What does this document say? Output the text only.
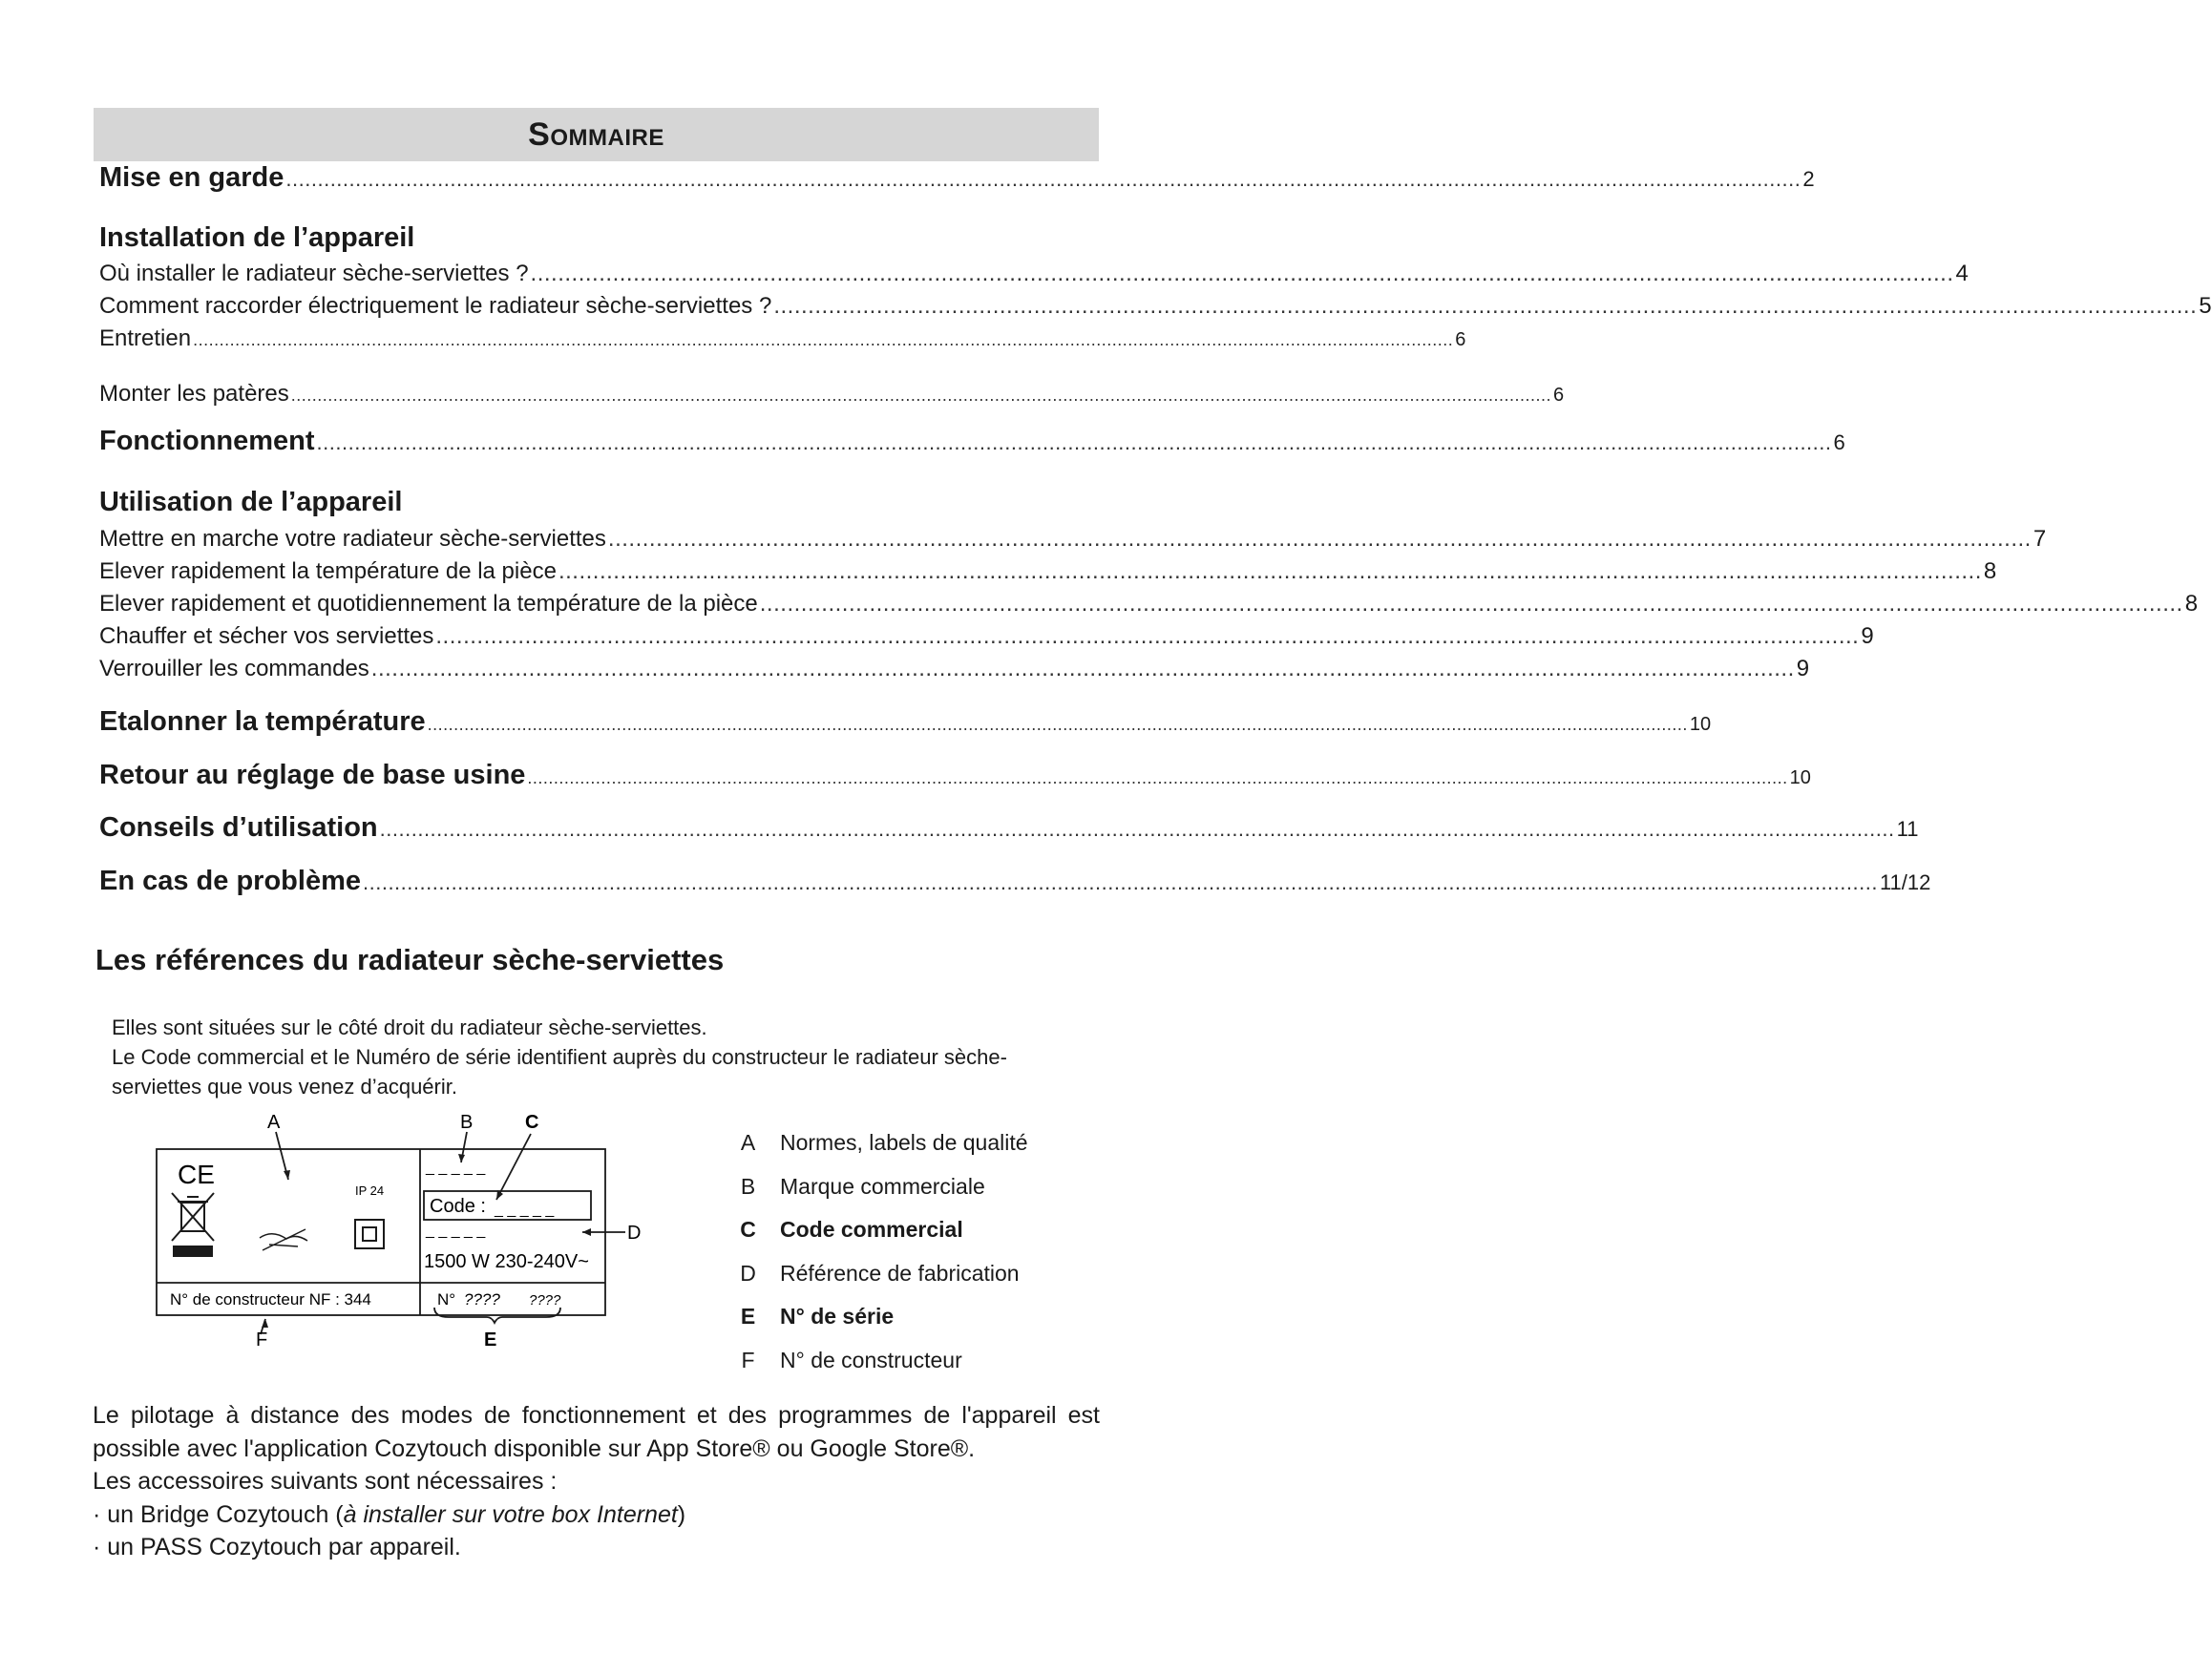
Sommaire
Mise en garde ................................................................................................................................................................................................................................................ 2
Installation de l’appareil
Où installer le radiateur sèche-serviettes ? ................................................................................................................................................................................................................ 4
Comment raccorder électriquement le radiateur sèche-serviettes ? ................................................................................................................................................................................................................ 5
Entretien ................................................................................................................................................................................................................................................ 6
Monter les patères ................................................................................................................................................................................................................................................ 6
Fonctionnement ................................................................................................................................................................................................................................................ 6
Utilisation de l’appareil
Mettre en marche votre radiateur sèche-serviettes ................................................................................................................................................................................................................ 7
Elever rapidement la température de la pièce ................................................................................................................................................................................................................ 8
Elever rapidement et quotidiennement la température de la pièce ................................................................................................................................................................................................................ 8
Chauffer et sécher vos serviettes ................................................................................................................................................................................................................ 9
Verrouiller les commandes ................................................................................................................................................................................................................ 9
Etalonner la température ................................................................................................................................................................................................................................................ 10
Retour au réglage de base usine ................................................................................................................................................................................................................................................ 10
Conseils d’utilisation ................................................................................................................................................................................................................................................ 11
En cas de problème ................................................................................................................................................................................................................................................ 11/12
Les références du radiateur sèche-serviettes

Elles sont situées sur le côté droit du radiateur sèche-serviettes.

Le Code commercial et le Numéro de série identifient auprès du constructeur le radiateur sèche-serviettes que vous venez d’acquérir.

CE
IP 24
_ _ _ _ _
Code : _ _ _ _ _
_ _ _ _ _
1500 W 230-240V~
N° de constructeur NF : 344	N° ???? ????
A	B	C
D
E
F
A	Normes, labels de qualité
B	Marque commerciale
C	Code commercial
D	Référence de fabrication
E	N° de série
F	N° de constructeur

Le pilotage à distance des modes de fonctionnement et des programmes de l'appareil est possible avec l'application Cozytouch disponible sur App Store® ou Google Store®.

Les accessoires suivants sont nécessaires :

· un Bridge Cozytouch (à installer sur votre box Internet)

· un PASS Cozytouch par appareil.
